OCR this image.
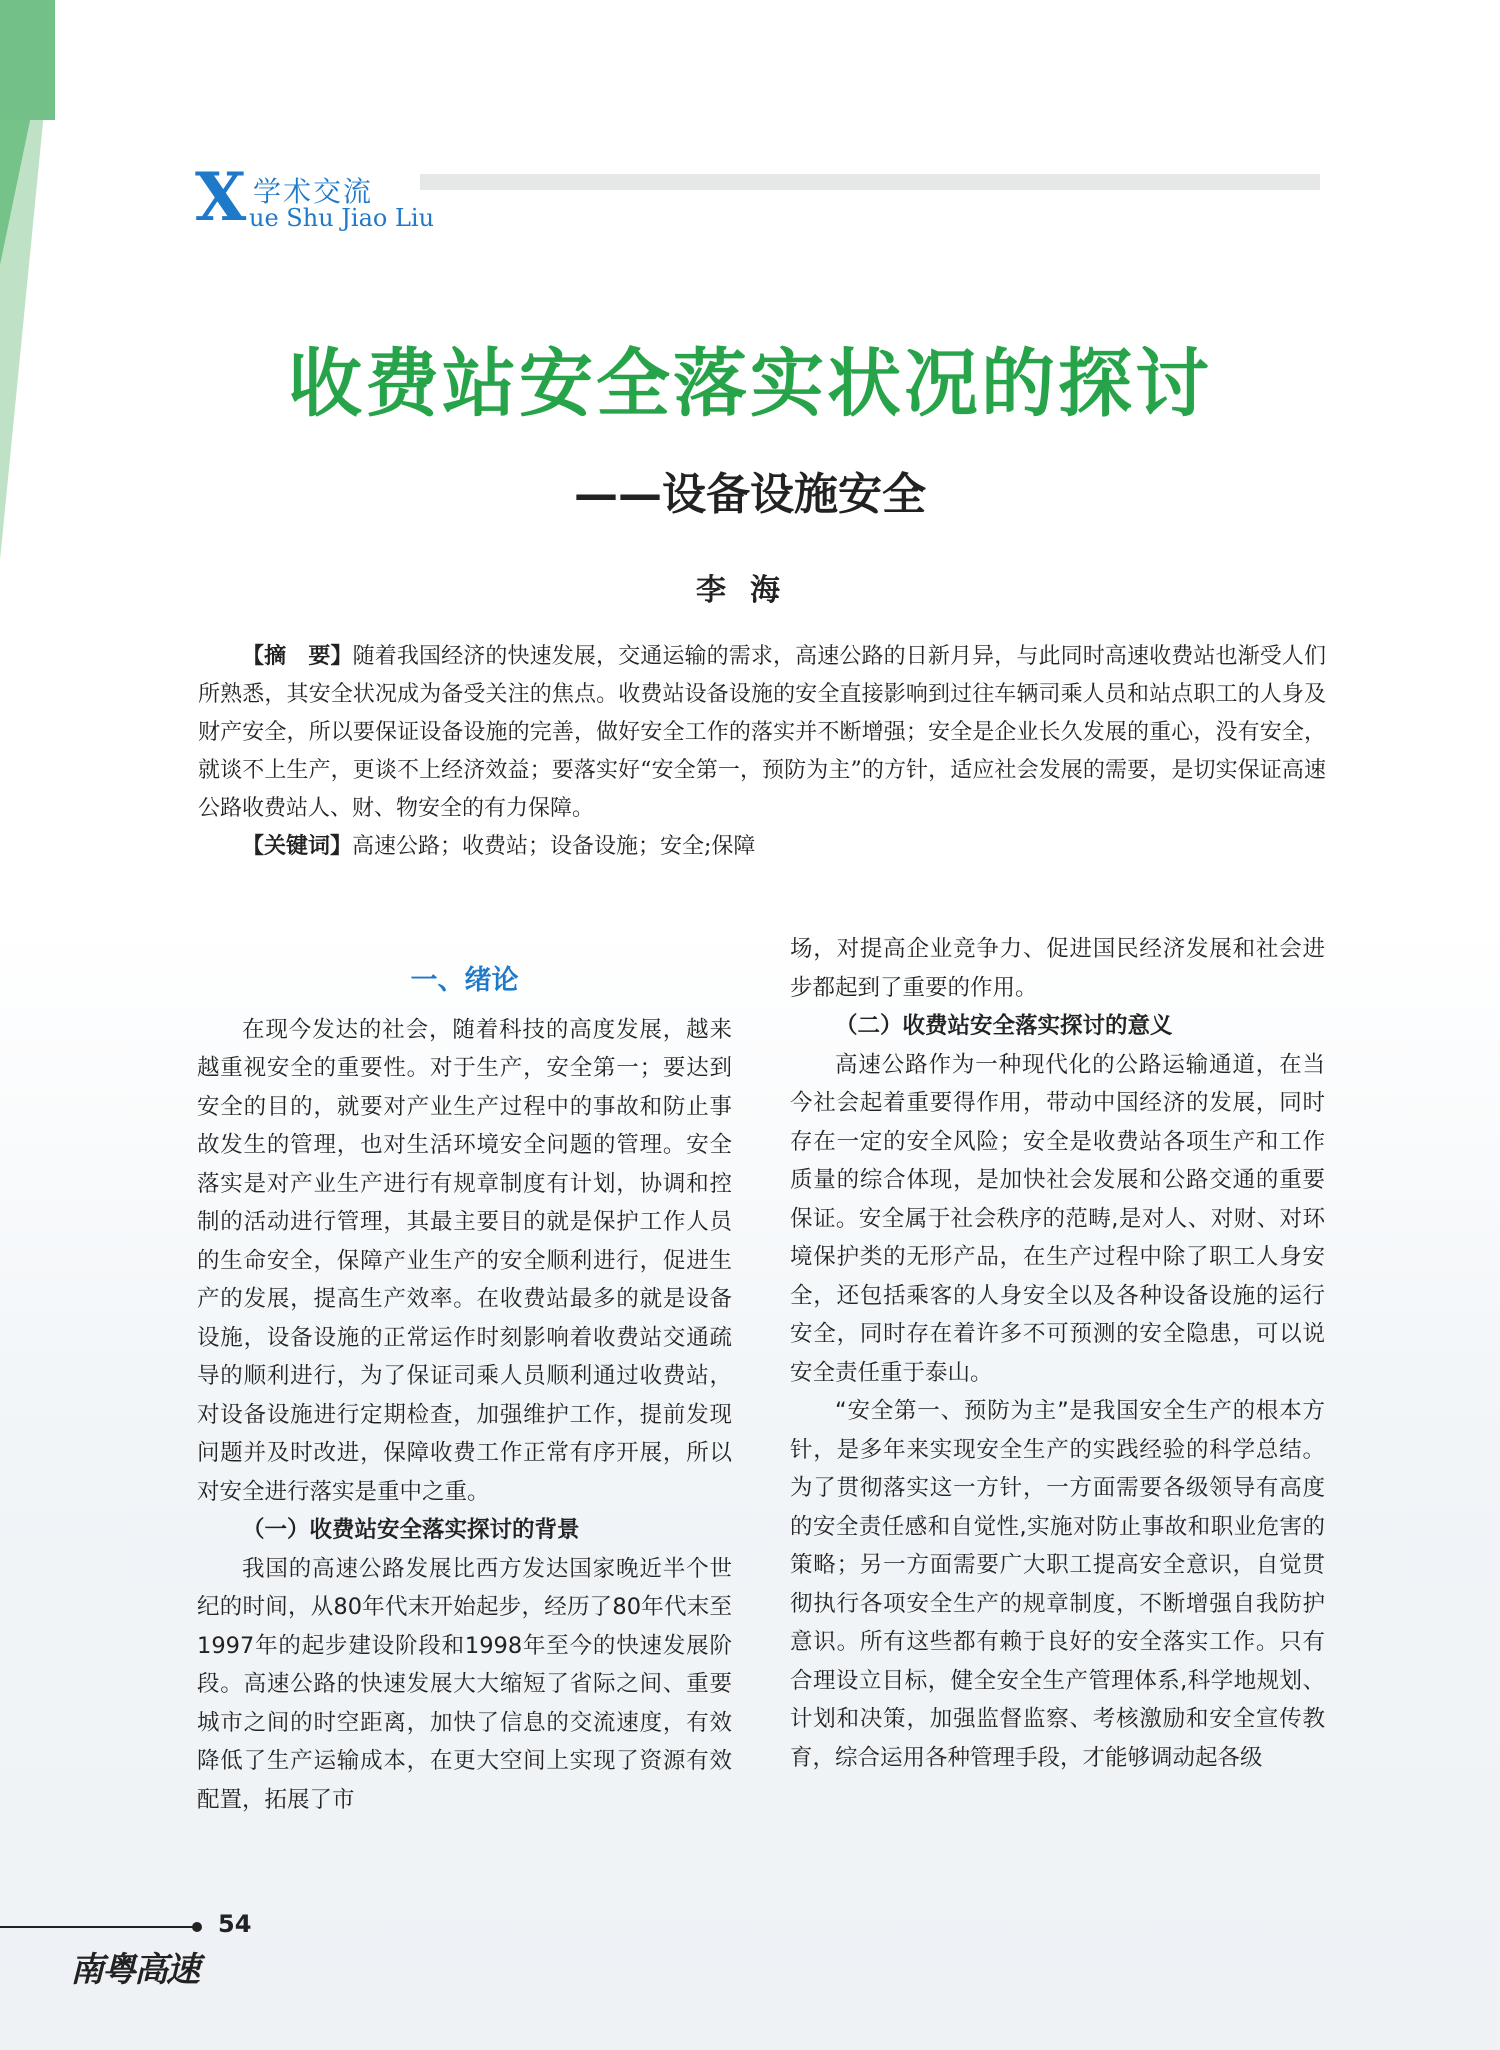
X 学术交流
ue Shu Jiao Liu
收费站安全落实状况的探讨
——设备设施安全
李海

【摘　要】随着我国经济的快速发展，交通运输的需求，高速公路的日新月异，与此同时高速收费站也渐受人们所熟悉，其安全状况成为备受关注的焦点。收费站设备设施的安全直接影响到过往车辆司乘人员和站点职工的人身及财产安全，所以要保证设备设施的完善，做好安全工作的落实并不断增强；安全是企业长久发展的重心，没有安全，就谈不上生产，更谈不上经济效益；要落实好“安全第一，预防为主”的方针，适应社会发展的需要，是切实保证高速公路收费站人、财、物安全的有力保障。

【关键词】高速公路；收费站；设备设施；安全;保障

一、绪论

在现今发达的社会，随着科技的高度发展，越来越重视安全的重要性。对于生产，安全第一；要达到安全的目的，就要对产业生产过程中的事故和防止事故发生的管理，也对生活环境安全问题的管理。安全落实是对产业生产进行有规章制度有计划，协调和控制的活动进行管理，其最主要目的就是保护工作人员的生命安全，保障产业生产的安全顺利进行，促进生产的发展，提高生产效率。在收费站最多的就是设备设施，设备设施的正常运作时刻影响着收费站交通疏导的顺利进行，为了保证司乘人员顺利通过收费站，对设备设施进行定期检查，加强维护工作，提前发现问题并及时改进，保障收费工作正常有序开展，所以对安全进行落实是重中之重。

（一）收费站安全落实探讨的背景

我国的高速公路发展比西方发达国家晚近半个世纪的时间，从80年代末开始起步，经历了80年代末至1997年的起步建设阶段和1998年至今的快速发展阶段。高速公路的快速发展大大缩短了省际之间、重要城市之间的时空距离，加快了信息的交流速度，有效降低了生产运输成本，在更大空间上实现了资源有效配置，拓展了市

场，对提高企业竞争力、促进国民经济发展和社会进步都起到了重要的作用。

（二）收费站安全落实探讨的意义

高速公路作为一种现代化的公路运输通道，在当今社会起着重要得作用，带动中国经济的发展，同时存在一定的安全风险；安全是收费站各项生产和工作质量的综合体现，是加快社会发展和公路交通的重要保证。安全属于社会秩序的范畴,是对人、对财、对环境保护类的无形产品，在生产过程中除了职工人身安全，还包括乘客的人身安全以及各种设备设施的运行安全，同时存在着许多不可预测的安全隐患，可以说安全责任重于泰山。

“安全第一、预防为主”是我国安全生产的根本方针，是多年来实现安全生产的实践经验的科学总结。为了贯彻落实这一方针，一方面需要各级领导有高度的安全责任感和自觉性,实施对防止事故和职业危害的策略；另一方面需要广大职工提高安全意识，自觉贯彻执行各项安全生产的规章制度，不断增强自我防护意识。所有这些都有赖于良好的安全落实工作。只有合理设立目标，健全安全生产管理体系,科学地规划、计划和决策，加强监督监察、考核激励和安全宣传教育，综合运用各种管理手段，才能够调动起各级

54
南粤高速
